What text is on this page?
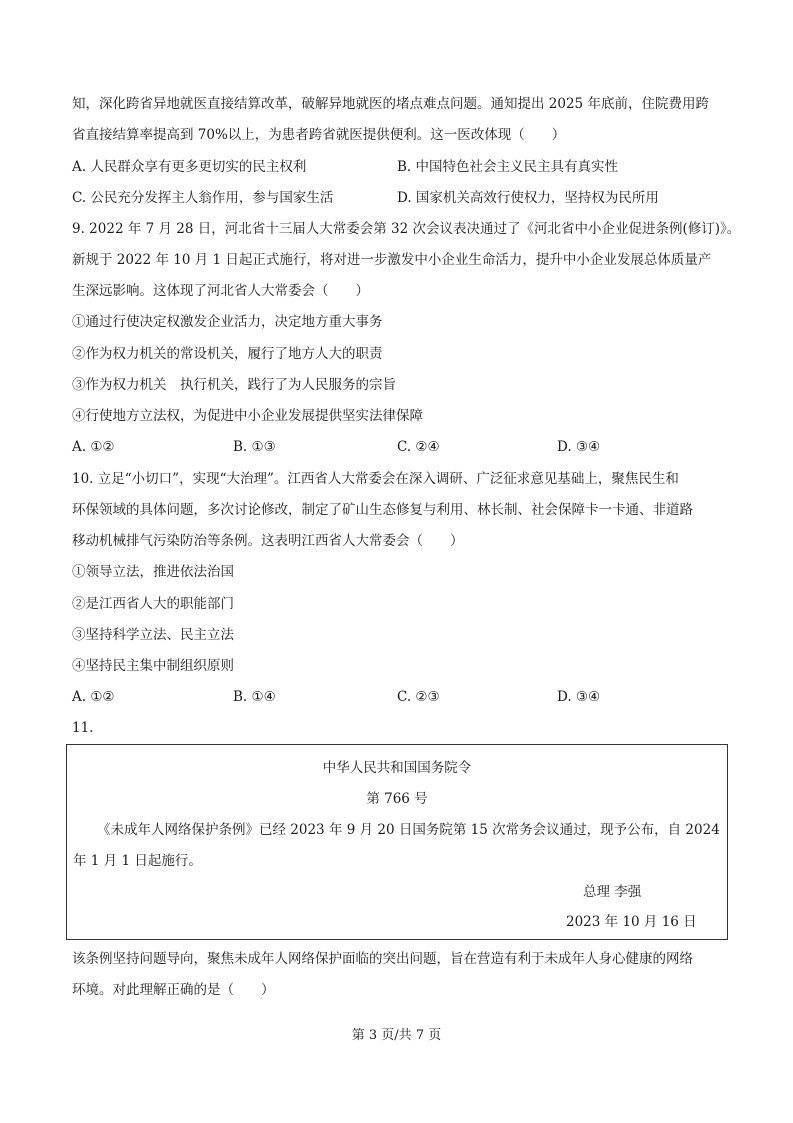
知，深化跨省异地就医直接结算改革，破解异地就医的堵点难点问题。通知提出 2025 年底前，住院费用跨
省直接结算率提高到 70%以上，为患者跨省就医提供便利。这一医改体现（　　）
A. 人民群众享有更多更切实的民主权利	B. 中国特色社会主义民主具有真实性
C. 公民充分发挥主人翁作用，参与国家生活	D. 国家机关高效行使权力，坚持权为民所用
9. 2022 年 7 月 28 日，河北省十三届人大常委会第 32 次会议表决通过了《河北省中小企业促进条例(修订)》。
新规于 2022 年 10 月 1 日起正式施行，将对进一步激发中小企业生命活力，提升中小企业发展总体质量产
生深远影响。这体现了河北省人大常委会（　　）
①通过行使决定权激发企业活力，决定地方重大事务
②作为权力机关的常设机关，履行了地方人大的职责
③作为权力机关　执行机关，践行了为人民服务的宗旨
④行使地方立法权，为促进中小企业发展提供坚实法律保障
A. ①②	B. ①③	C. ②④	D. ③④
10. 立足“小切口”，实现“大治理”。江西省人大常委会在深入调研、广泛征求意见基础上，聚焦民生和
环保领域的具体问题，多次讨论修改，制定了矿山生态修复与利用、林长制、社会保障卡一卡通、非道路
移动机械排气污染防治等条例。这表明江西省人大常委会（　　）
①领导立法，推进依法治国
②是江西省人大的职能部门
③坚持科学立法、民主立法
④坚持民主集中制组织原则
A. ①②	B. ①④	C. ②③	D. ③④
11.
中华人民共和国国务院令
第 766 号
《未成年人网络保护条例》已经 2023 年 9 月 20 日国务院第 15 次常务会议通过，现予公布，自 2024
年 1 月 1 日起施行。
总理 李强
2023 年 10 月 16 日
该条例坚持问题导向，聚焦未成年人网络保护面临的突出问题，旨在营造有利于未成年人身心健康的网络
环境。对此理解正确的是（　　）
第 3 页/共 7 页
